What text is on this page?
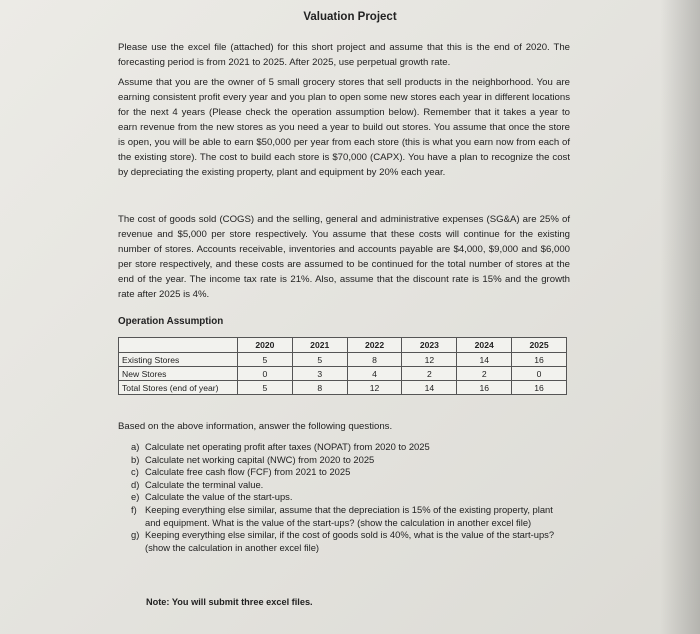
Valuation Project

Please use the excel file (attached) for this short project and assume that this is the end of 2020. The forecasting period is from 2021 to 2025. After 2025, use perpetual growth rate.

Assume that you are the owner of 5 small grocery stores that sell products in the neighborhood. You are earning consistent profit every year and you plan to open some new stores each year in different locations for the next 4 years (Please check the operation assumption below). Remember that it takes a year to earn revenue from the new stores as you need a year to build out stores. You assume that once the store is open, you will be able to earn $50,000 per year from each store (this is what you earn now from each of the existing store). The cost to build each store is $70,000 (CAPX). You have a plan to recognize the cost by depreciating the existing property, plant and equipment by 20% each year.

The cost of goods sold (COGS) and the selling, general and administrative expenses (SG&A) are 25% of revenue and $5,000 per store respectively. You assume that these costs will continue for the existing number of stores. Accounts receivable, inventories and accounts payable are $4,000, $9,000 and $6,000 per store respectively, and these costs are assumed to be continued for the total number of stores at the end of the year. The income tax rate is 21%. Also, assume that the discount rate is 15% and the growth rate after 2025 is 4%.

Operation Assumption
	2020	2021	2022	2023	2024	2025
Existing Stores	5	5	8	12	14	16
New Stores	0	3	4	2	2	0
Total Stores (end of year)	5	8	12	14	16	16
Based on the above information, answer the following questions.
a) Calculate net operating profit after taxes (NOPAT) from 2020 to 2025
b) Calculate net working capital (NWC) from 2020 to 2025
c) Calculate free cash flow (FCF) from 2021 to 2025
d) Calculate the terminal value.
e) Calculate the value of the start-ups.
f) Keeping everything else similar, assume that the depreciation is 15% of the existing property, plant and equipment. What is the value of the start-ups? (show the calculation in another excel file)
g) Keeping everything else similar, if the cost of goods sold is 40%, what is the value of the start-ups? (show the calculation in another excel file)
Note: You will submit three excel files.
